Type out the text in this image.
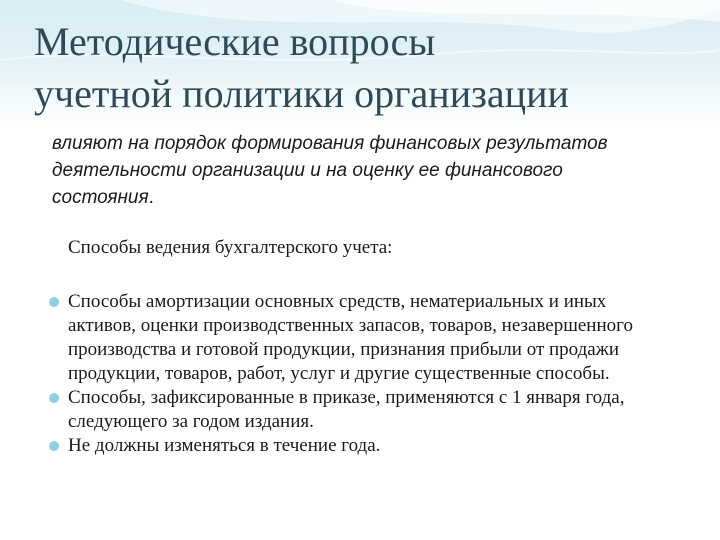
Методические вопросы
учетной политики организации
влияют на порядок формирования финансовых результатов деятельности организации и на оценку ее финансового состояния.
Способы ведения бухгалтерского учета:
Способы амортизации основных средств, нематериальных и иных активов, оценки производственных запасов, товаров, незавершенного производства и готовой продукции, признания прибыли от продажи продукции, товаров, работ, услуг и другие существенные способы.
Способы, зафиксированные в приказе, применяются с 1 января года, следующего за годом издания.
Не должны изменяться в течение года.
